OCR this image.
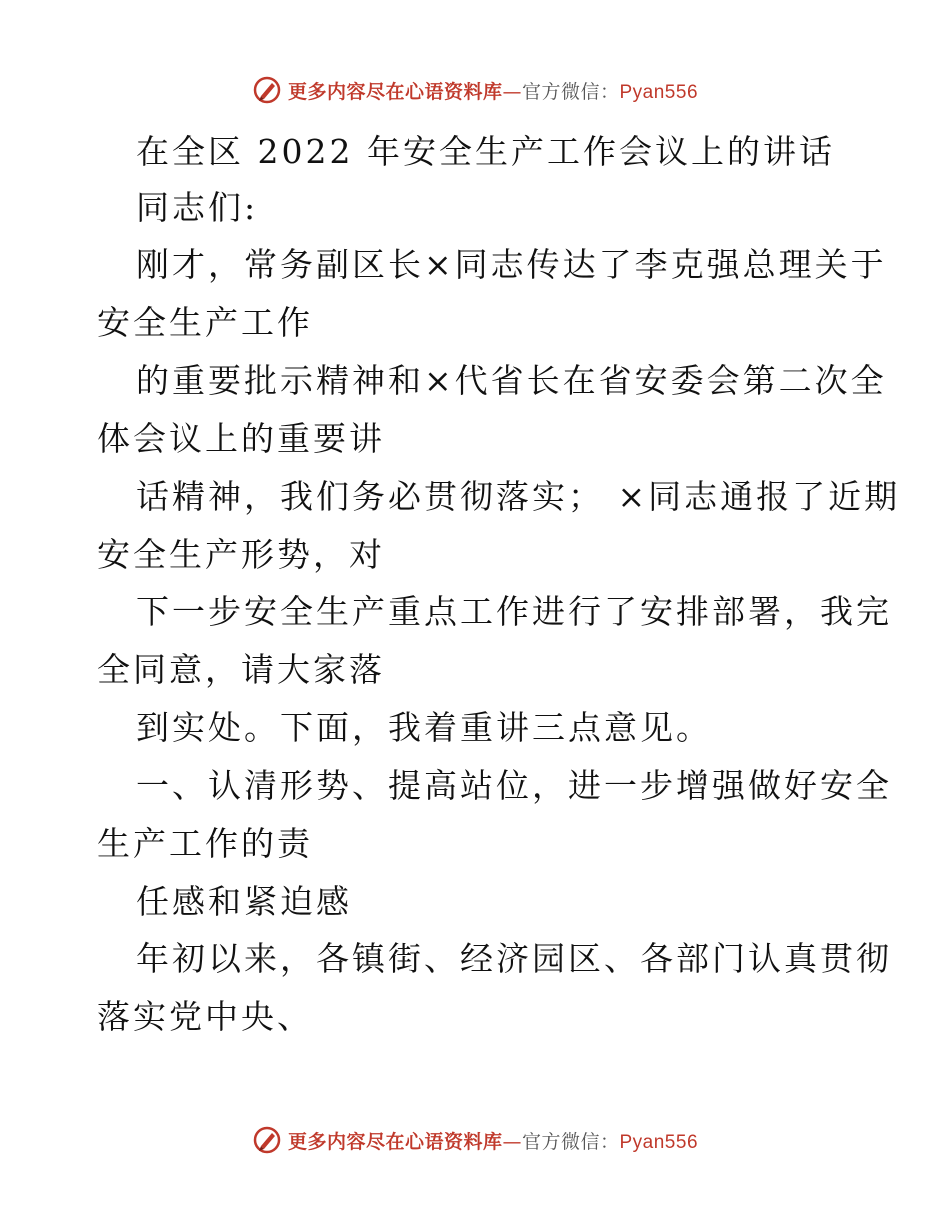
更多内容尽在心语资料库—官方微信：Pyan556
在全区 2022 年安全生产工作会议上的讲话
同志们:
刚才，常务副区长×同志传达了李克强总理关于
安全生产工作
的重要批示精神和×代省长在省安委会第二次全
体会议上的重要讲
话精神，我们务必贯彻落实； ×同志通报了近期
安全生产形势，对
下一步安全生产重点工作进行了安排部署，我完
全同意，请大家落
到实处。下面，我着重讲三点意见。
一、认清形势、提高站位，进一步增强做好安全
生产工作的责
任感和紧迫感
年初以来，各镇街、经济园区、各部门认真贯彻
落实党中央、
更多内容尽在心语资料库—官方微信：Pyan556
